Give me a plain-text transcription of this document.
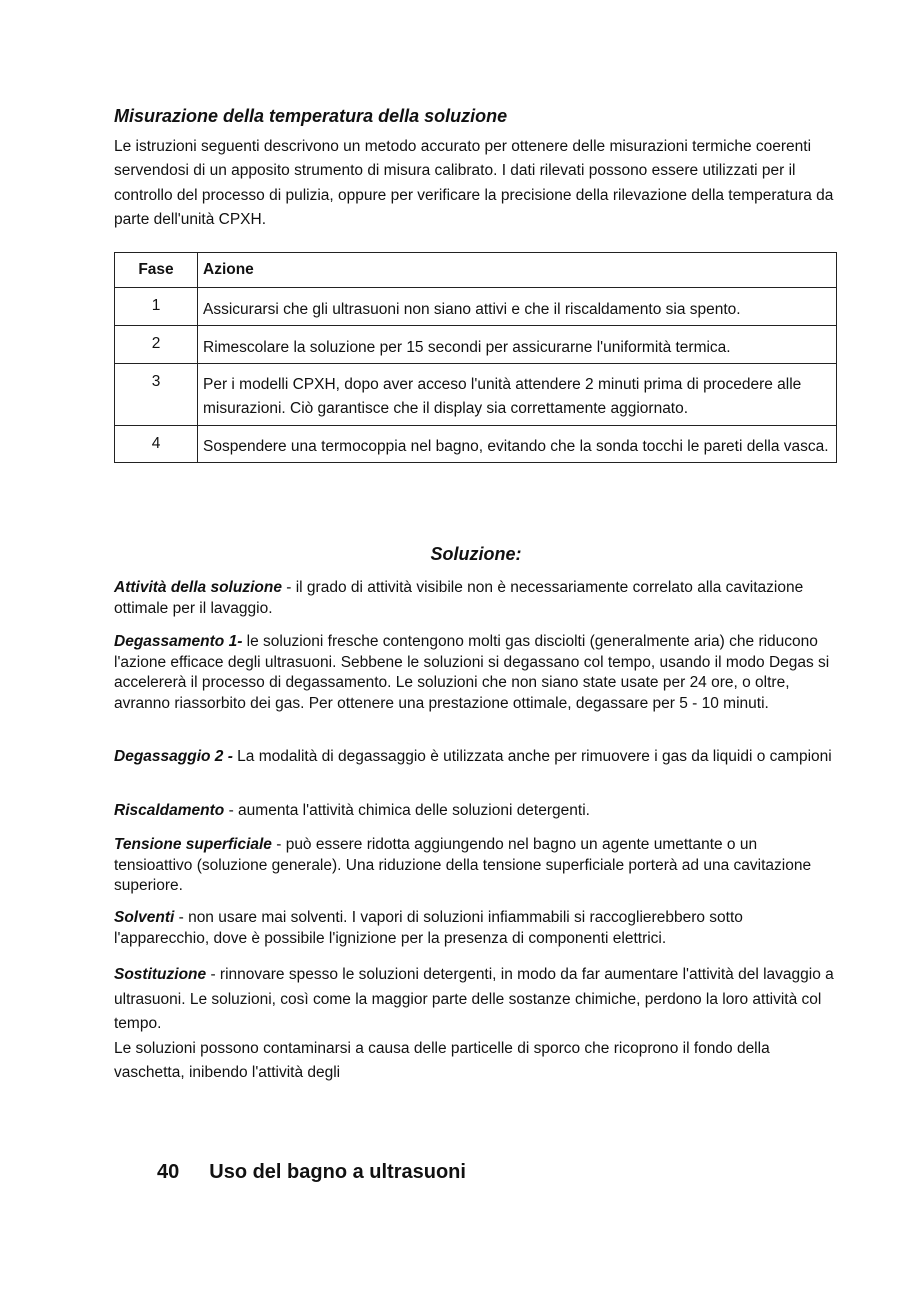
Misurazione della temperatura della soluzione

Le istruzioni seguenti descrivono un metodo accurato per ottenere delle misurazioni termiche coerenti servendosi di un apposito strumento di misura calibrato. I dati rilevati possono essere utilizzati per il controllo del processo di pulizia, oppure per verificare la precisione della rilevazione della temperatura da parte dell'unità CPXH.

Fase	Azione
1	Assicurarsi che gli ultrasuoni non siano attivi e che il riscaldamento sia spento.
2	Rimescolare la soluzione per 15 secondi per assicurarne l'uniformità termica.
3	Per i modelli CPXH, dopo aver acceso l'unità attendere 2 minuti prima di procedere alle misurazioni. Ciò garantisce che il display sia correttamente aggiornato.
4	Sospendere una termocoppia nel bagno, evitando che la sonda tocchi le pareti della vasca.
Soluzione:

Attività della soluzione - il grado di attività visibile non è necessariamente correlato alla cavitazione ottimale per il lavaggio.

Degassamento 1- le soluzioni fresche contengono molti gas disciolti (generalmente aria) che riducono l'azione efficace degli ultrasuoni. Sebbene le soluzioni si degassano col tempo, usando il modo Degas si accelererà il processo di degassamento. Le soluzioni che non siano state usate per 24 ore, o oltre, avranno riassorbito dei gas. Per ottenere una prestazione ottimale, degassare per 5 - 10 minuti.

Degassaggio 2 - La modalità di degassaggio è utilizzata anche per rimuovere i gas da liquidi o campioni

Riscaldamento - aumenta l'attività chimica delle soluzioni detergenti.

Tensione superficiale - può essere ridotta aggiungendo nel bagno un agente umettante o un tensioattivo (soluzione generale). Una riduzione della tensione superficiale porterà ad una cavitazione superiore.

Solventi - non usare mai solventi. I vapori di soluzioni infiammabili si raccoglierebbero sotto l'apparecchio, dove è possibile l'ignizione per la presenza di componenti elettrici.

Sostituzione - rinnovare spesso le soluzioni detergenti, in modo da far aumentare l'attività del lavaggio a ultrasuoni. Le soluzioni, così come la maggior parte delle sostanze chimiche, perdono la loro attività col tempo.
Le soluzioni possono contaminarsi a causa delle particelle di sporco che ricoprono il fondo della vaschetta, inibendo l'attività degli

40 Uso del bagno a ultrasuoni
